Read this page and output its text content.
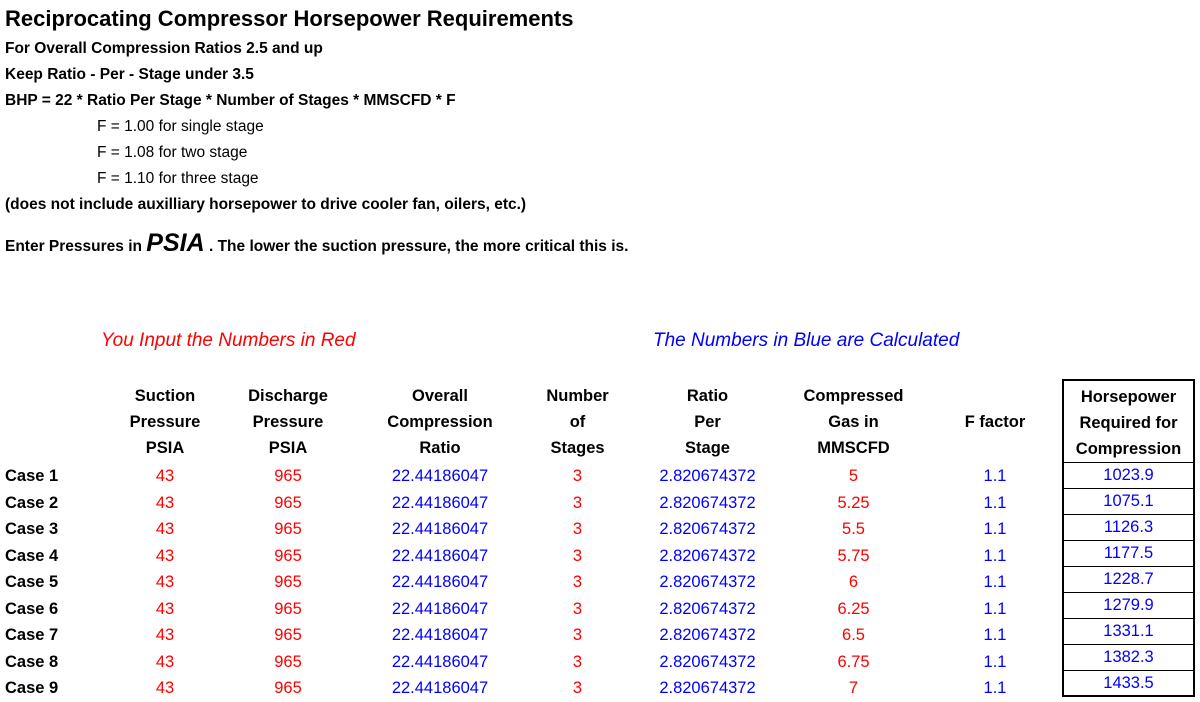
Reciprocating Compressor Horsepower Requirements
For Overall Compression Ratios 2.5 and up
Keep Ratio - Per - Stage under 3.5
BHP = 22 * Ratio Per Stage * Number of Stages * MMSCFD * F
F = 1.00 for single stage
F = 1.08 for two stage
F = 1.10 for three stage
(does not include auxilliary horsepower to drive cooler fan, oilers, etc.)
Enter Pressures in PSIA . The lower the suction pressure, the more critical this is.
You Input the Numbers in Red	The Numbers in Blue are Calculated
Suction
Pressure
PSIA
Discharge
Pressure
PSIA
Overall
Compression
Ratio
Number
of
Stages
Ratio
Per
Stage
Compressed
Gas in
MMSCFD
F factor
Case 1
Case 2
Case 3
Case 4
Case 5
Case 6
Case 7
Case 8
Case 9
43
43
43
43
43
43
43
43
43
965
965
965
965
965
965
965
965
965
22.44186047
22.44186047
22.44186047
22.44186047
22.44186047
22.44186047
22.44186047
22.44186047
22.44186047
3
3
3
3
3
3
3
3
3
2.820674372
2.820674372
2.820674372
2.820674372
2.820674372
2.820674372
2.820674372
2.820674372
2.820674372
5
5.25
5.5
5.75
6
6.25
6.5
6.75
7
1.1
1.1
1.1
1.1
1.1
1.1
1.1
1.1
1.1
Horsepower
Required for
Compression
1023.9
1075.1
1126.3
1177.5
1228.7
1279.9
1331.1
1382.3
1433.5
